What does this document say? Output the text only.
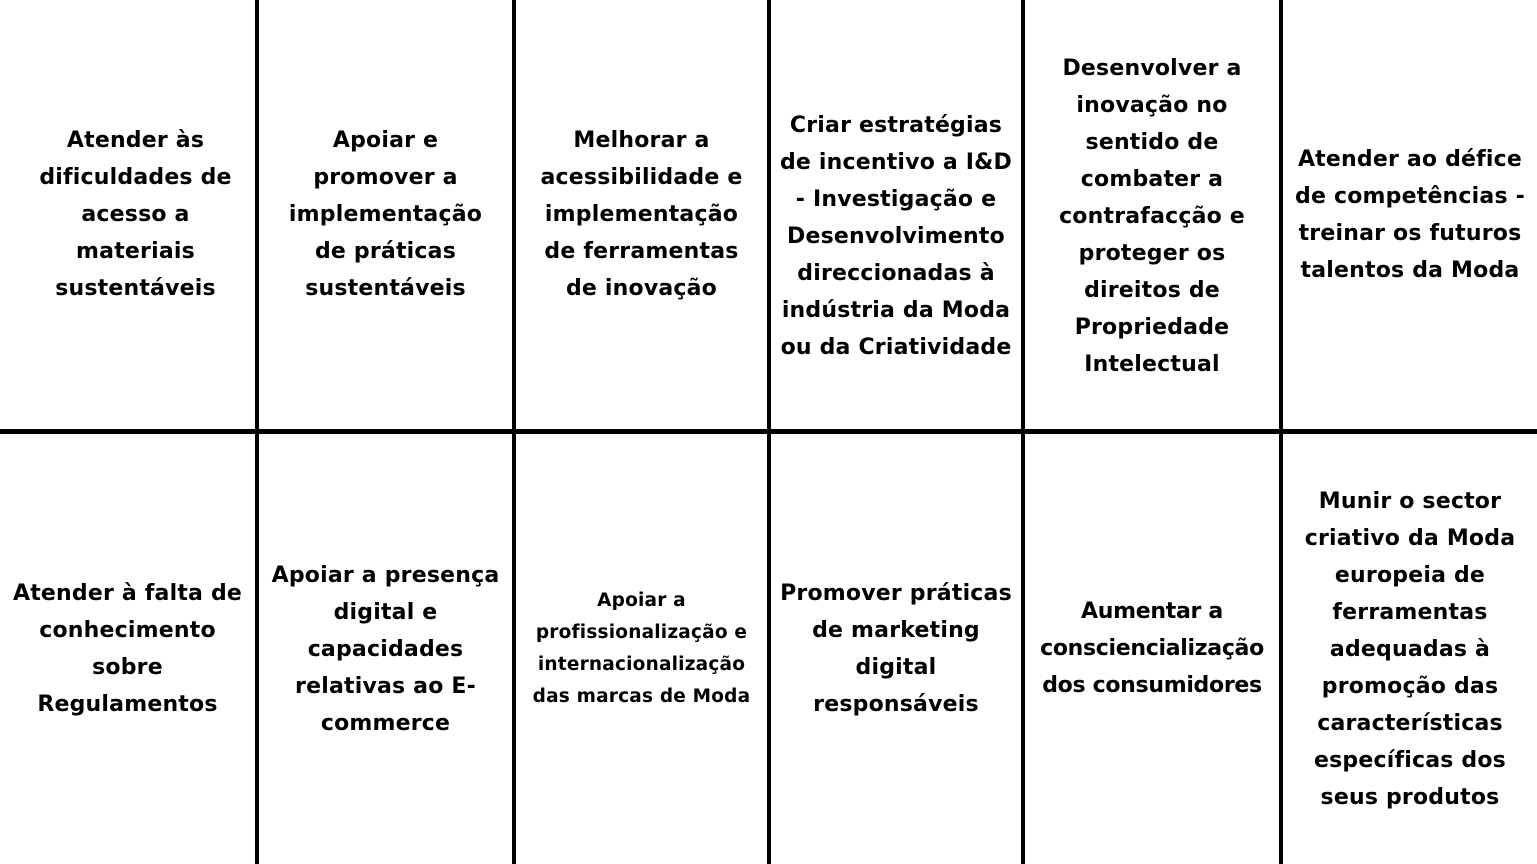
Atender às dificuldades de acesso a materiais sustentáveis
Apoiar e promover a implementação de práticas sustentáveis
Melhorar a acessibilidade e implementação de ferramentas de inovação
Criar estratégias de incentivo a I&D - Investigação e Desenvolvimento direccionadas à indústria da Moda ou da Criatividade
Desenvolver a inovação no sentido de combater a contrafacção e proteger os direitos de Propriedade Intelectual
Atender ao défice de competências - treinar os futuros talentos da Moda
Atender à falta de conhecimento sobre Regulamentos
Apoiar a presença digital e capacidades relativas ao E-commerce
Apoiar a profissionalização e internacionalização das marcas de Moda
Promover práticas de marketing digital responsáveis
Aumentar a consciencialização dos consumidores
Munir o sector criativo da Moda europeia de ferramentas adequadas à promoção das características específicas dos seus produtos
